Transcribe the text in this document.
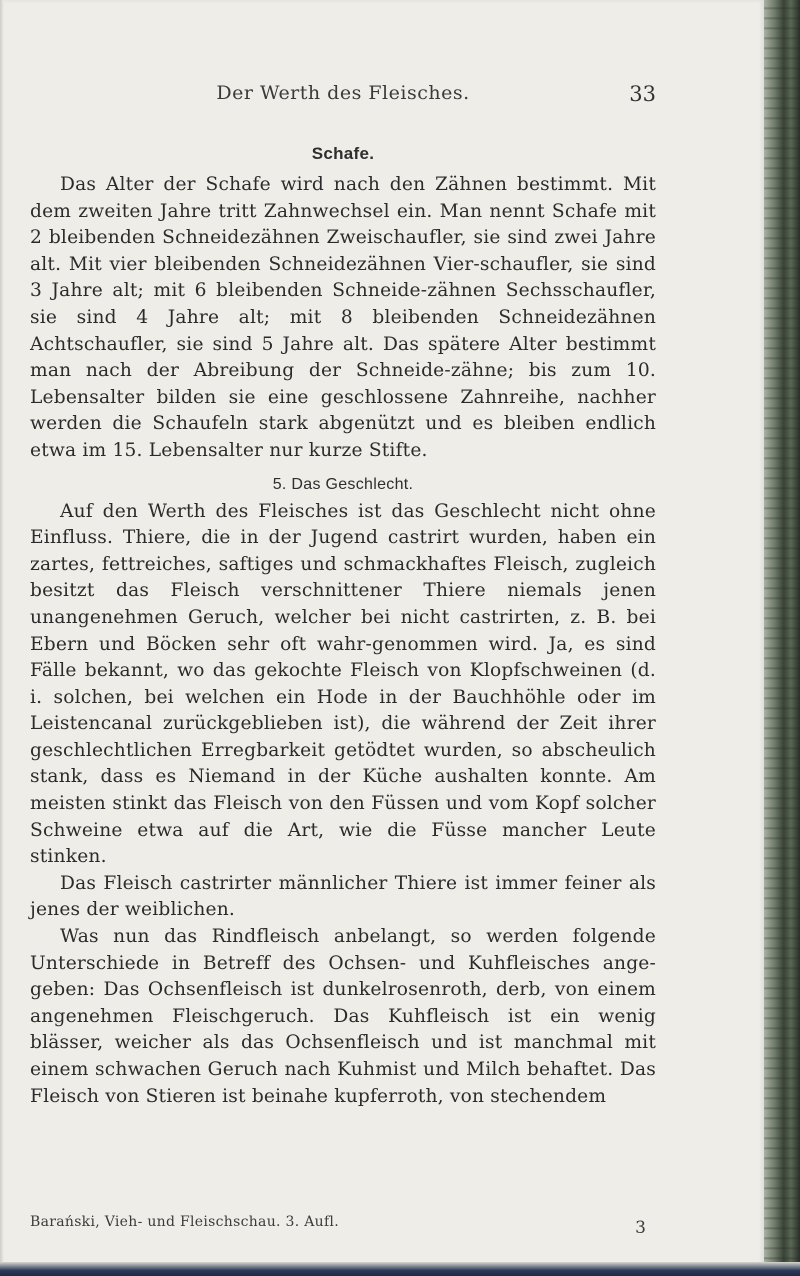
Der Werth des Fleisches.	33
Schafe.

Das Alter der Schafe wird nach den Zähnen bestimmt. Mit dem zweiten Jahre tritt Zahnwechsel ein. Man nennt Schafe mit 2 bleibenden Schneidezähnen Zweischaufler, sie sind zwei Jahre alt. Mit vier bleibenden Schneidezähnen Vier-schaufler, sie sind 3 Jahre alt; mit 6 bleibenden Schneide-zähnen Sechsschaufler, sie sind 4 Jahre alt; mit 8 bleibenden Schneidezähnen Achtschaufler, sie sind 5 Jahre alt. Das spätere Alter bestimmt man nach der Abreibung der Schneide-zähne; bis zum 10. Lebensalter bilden sie eine geschlossene Zahnreihe, nachher werden die Schaufeln stark abgenützt und es bleiben endlich etwa im 15. Lebensalter nur kurze Stifte.

5. Das Geschlecht.

Auf den Werth des Fleisches ist das Geschlecht nicht ohne Einfluss. Thiere, die in der Jugend castrirt wurden, haben ein zartes, fettreiches, saftiges und schmackhaftes Fleisch, zugleich besitzt das Fleisch verschnittener Thiere niemals jenen unangenehmen Geruch, welcher bei nicht castrirten, z. B. bei Ebern und Böcken sehr oft wahr-genommen wird. Ja, es sind Fälle bekannt, wo das gekochte Fleisch von Klopfschweinen (d. i. solchen, bei welchen ein Hode in der Bauchhöhle oder im Leistencanal zurückgeblieben ist), die während der Zeit ihrer geschlechtlichen Erregbarkeit getödtet wurden, so abscheulich stank, dass es Niemand in der Küche aushalten konnte. Am meisten stinkt das Fleisch von den Füssen und vom Kopf solcher Schweine etwa auf die Art, wie die Füsse mancher Leute stinken.

Das Fleisch castrirter männlicher Thiere ist immer feiner als jenes der weiblichen.

Was nun das Rindfleisch anbelangt, so werden folgende Unterschiede in Betreff des Ochsen- und Kuhfleisches ange-geben: Das Ochsenfleisch ist dunkelrosenroth, derb, von einem angenehmen Fleischgeruch. Das Kuhfleisch ist ein wenig blässer, weicher als das Ochsenfleisch und ist manchmal mit einem schwachen Geruch nach Kuhmist und Milch behaftet. Das Fleisch von Stieren ist beinahe kupferroth, von stechendem

Barański, Vieh- und Fleischschau. 3. Aufl.	3
